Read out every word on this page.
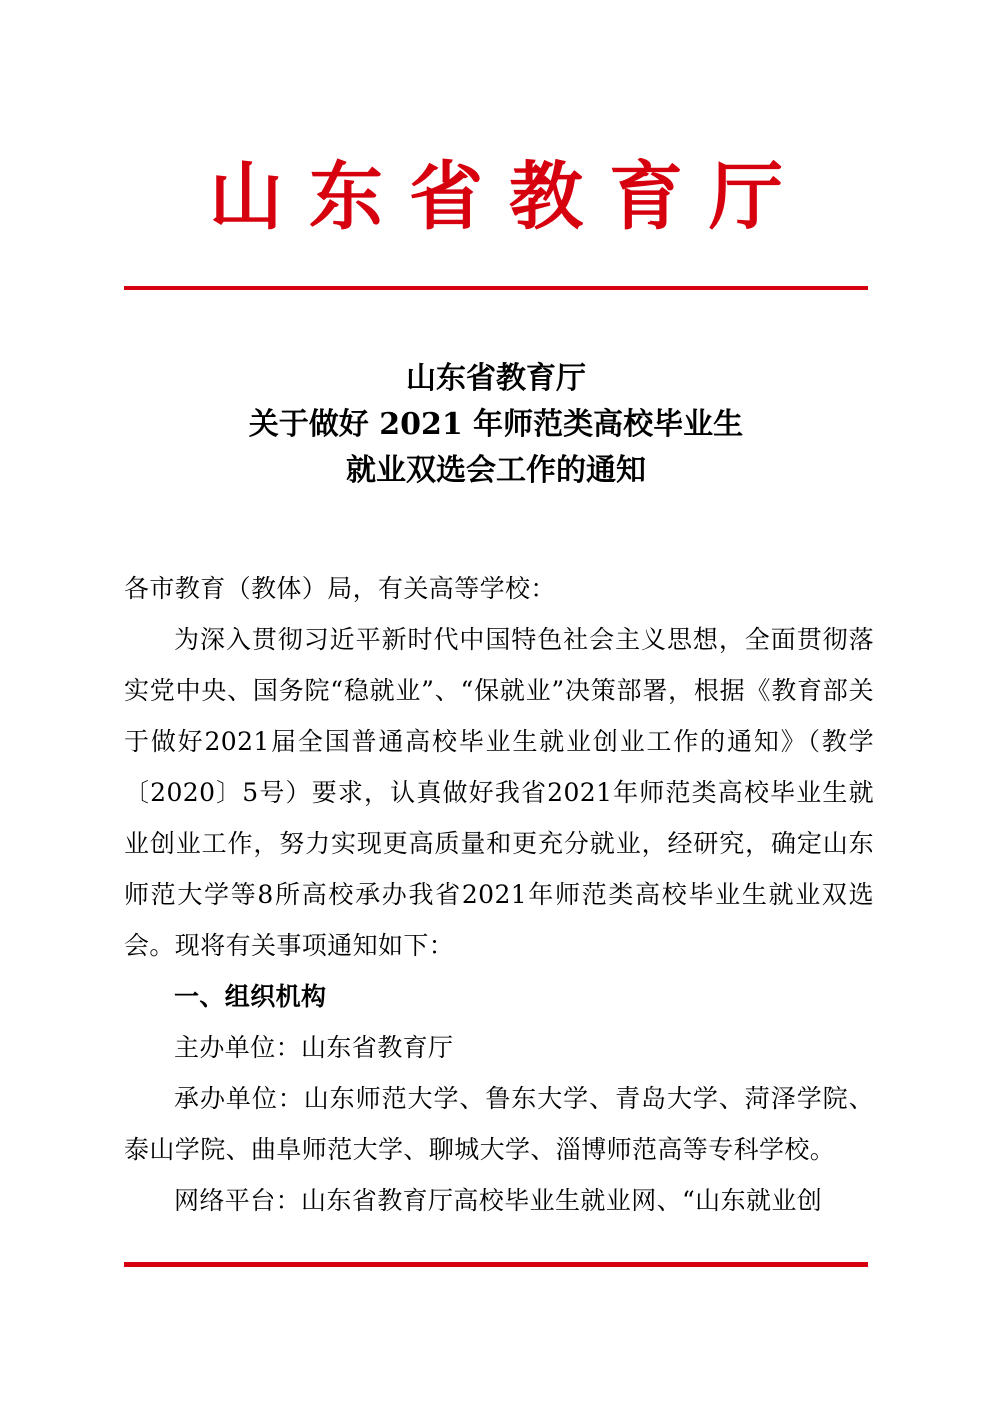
山东省教育厅
山东省教育厅
关于做好 2021 年师范类高校毕业生
就业双选会工作的通知

各市教育（教体）局，有关高等学校：

为深入贯彻习近平新时代中国特色社会主义思想，全面贯彻落实党中央、国务院“稳就业”、“保就业”决策部署，根据《教育部关于做好2021届全国普通高校毕业生就业创业工作的通知》（教学〔2020〕5号）要求，认真做好我省2021年师范类高校毕业生就业创业工作，努力实现更高质量和更充分就业，经研究，确定山东师范大学等8所高校承办我省2021年师范类高校毕业生就业双选会。现将有关事项通知如下：

一、组织机构

主办单位：山东省教育厅

承办单位：山东师范大学、鲁东大学、青岛大学、菏泽学院、泰山学院、曲阜师范大学、聊城大学、淄博师范高等专科学校。

网络平台：山东省教育厅高校毕业生就业网、“山东就业创
